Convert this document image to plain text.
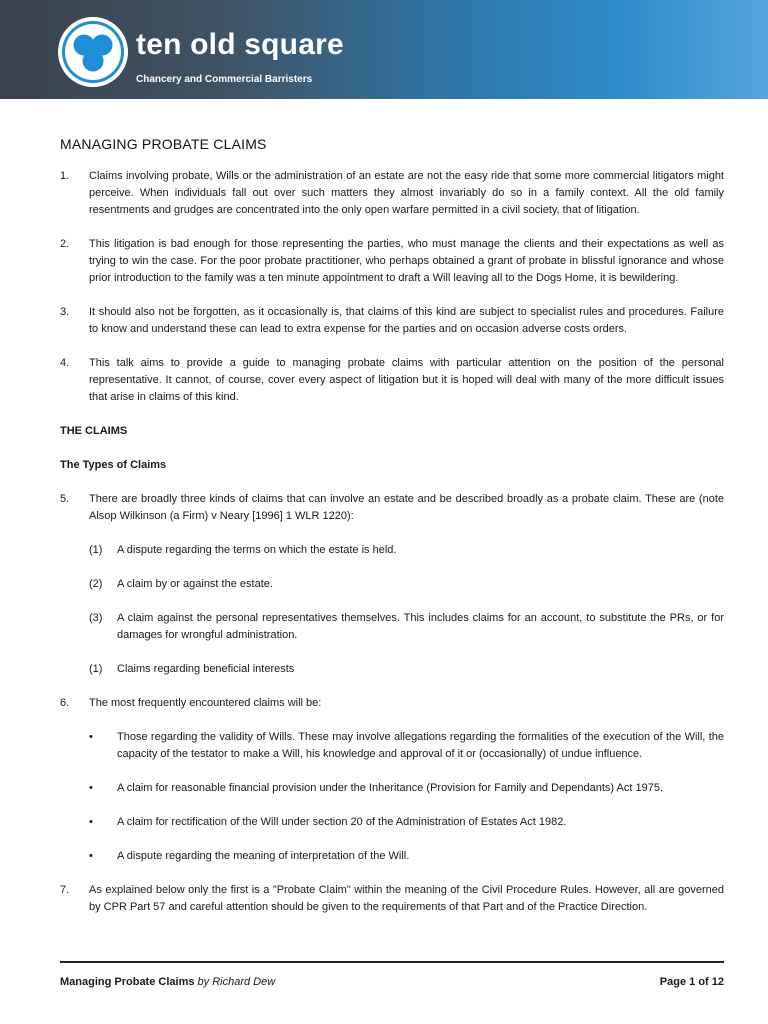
ten old square
Chancery and Commercial Barristers
MANAGING PROBATE CLAIMS
1.	Claims involving probate, Wills or the administration of an estate are not the easy ride that some more commercial litigators might perceive. When individuals fall out over such matters they almost invariably do so in a family context. All the old family resentments and grudges are concentrated into the only open warfare permitted in a civil society, that of litigation.
2.	This litigation is bad enough for those representing the parties, who must manage the clients and their expectations as well as trying to win the case. For the poor probate practitioner, who perhaps obtained a grant of probate in blissful ignorance and whose prior introduction to the family was a ten minute appointment to draft a Will leaving all to the Dogs Home, it is bewildering.
3.	It should also not be forgotten, as it occasionally is, that claims of this kind are subject to specialist rules and procedures. Failure to know and understand these can lead to extra expense for the parties and on occasion adverse costs orders.
4.	This talk aims to provide a guide to managing probate claims with particular attention on the position of the personal representative. It cannot, of course, cover every aspect of litigation but it is hoped will deal with many of the more difficult issues that arise in claims of this kind.
THE CLAIMS
The Types of Claims
5.	There are broadly three kinds of claims that can involve an estate and be described broadly as a probate claim. These are (note Alsop Wilkinson (a Firm) v Neary [1996] 1 WLR 1220):
(1)	A dispute regarding the terms on which the estate is held.
(2)	A claim by or against the estate.
(3)	A claim against the personal representatives themselves. This includes claims for an account, to substitute the PRs, or for damages for wrongful administration.
(1)	Claims regarding beneficial interests
6.	The most frequently encountered claims will be:
•	Those regarding the validity of Wills. These may involve allegations regarding the formalities of the execution of the Will, the capacity of the testator to make a Will, his knowledge and approval of it or (occasionally) of undue influence.
•	A claim for reasonable financial provision under the Inheritance (Provision for Family and Dependants) Act 1975.
•	A claim for rectification of the Will under section 20 of the Administration of Estates Act 1982.
•	A dispute regarding the meaning of interpretation of the Will.
7.	As explained below only the first is a "Probate Claim" within the meaning of the Civil Procedure Rules. However, all are governed by CPR Part 57 and careful attention should be given to the requirements of that Part and of the Practice Direction.
Managing Probate Claims by Richard Dew	Page 1 of 12
